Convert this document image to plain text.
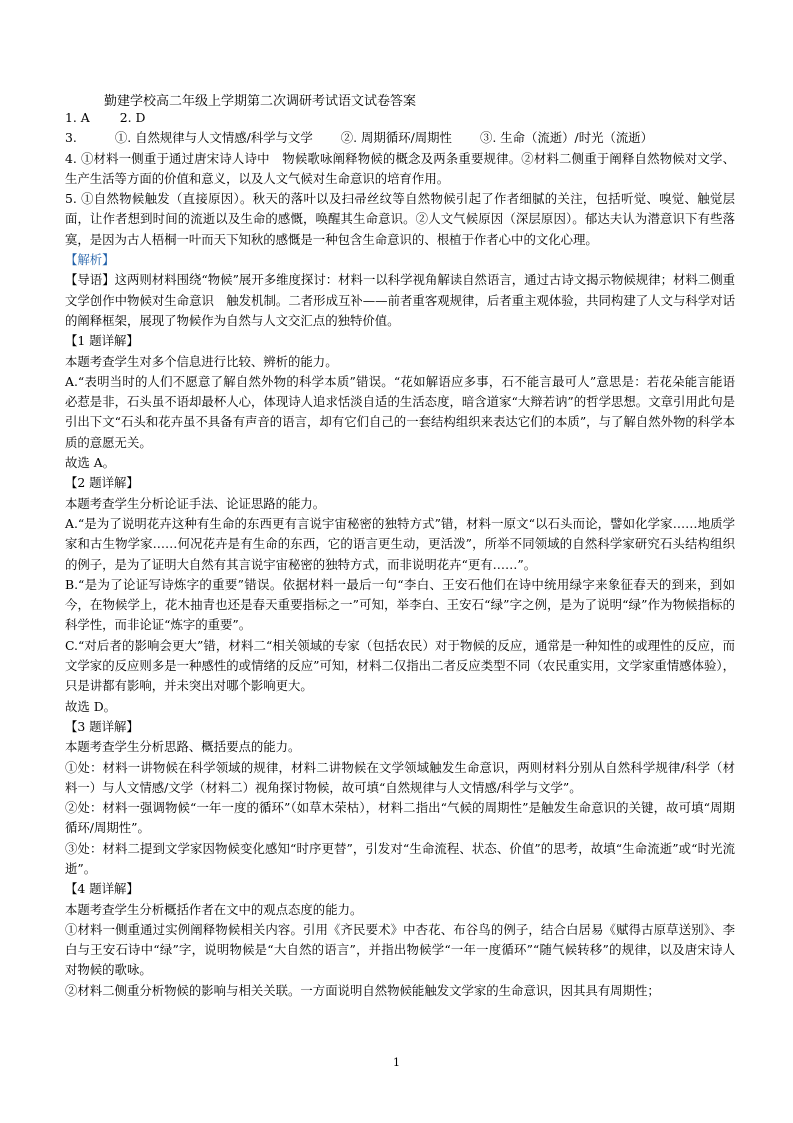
勤建学校高二年级上学期第二次调研考试语文试卷答案

1. A 2. D

3.	①. 自然规律与人文情感/科学与文学 ②. 周期循环/周期性 ③. 生命（流逝）/时光（流逝）

4. ①材料一侧重于通过唐宋诗人诗中　物候歌咏阐释物候的概念及两条重要规律。②材料二侧重于阐释自然物候对文学、生产生活等方面的价值和意义，以及人文气候对生命意识的培育作用。

5. ①自然物候触发（直接原因）。秋天的落叶以及扫帚丝纹等自然物候引起了作者细腻的关注，包括听觉、嗅觉、触觉层面，让作者想到时间的流逝以及生命的感慨，唤醒其生命意识。②人文气候原因（深层原因）。郁达夫认为潜意识下有些落寞，是因为古人梧桐一叶而天下知秋的感慨是一种包含生命意识的、根植于作者心中的文化心理。

【解析】

【导语】这两则材料围绕“物候”展开多维度探讨：材料一以科学视角解读自然语言，通过古诗文揭示物候规律；材料二侧重文学创作中物候对生命意识　触发机制。二者形成互补——前者重客观规律，后者重主观体验，共同构建了人文与科学对话的阐释框架，展现了物候作为自然与人文交汇点的独特价值。

【1 题详解】

本题考查学生对多个信息进行比较、辨析的能力。

A.“表明当时的人们不愿意了解自然外物的科学本质”错误。“花如解语应多事，石不能言最可人”意思是：若花朵能言能语必惹是非，石头虽不语却最杯人心，体现诗人追求恬淡自适的生活态度，暗含道家“大辩若讷”的哲学思想。文章引用此句是引出下文“石头和花卉虽不具备有声音的语言，却有它们自己的一套结构组织来表达它们的本质”，与了解自然外物的科学本质的意愿无关。

故选 A。

【2 题详解】

本题考查学生分析论证手法、论证思路的能力。

A.“是为了说明花卉这种有生命的东西更有言说宇宙秘密的独特方式”错，材料一原文“以石头而论，譬如化学家……地质学家和古生物学家……何况花卉是有生命的东西，它的语言更生动，更活泼”，所举不同领域的自然科学家研究石头结构组织的例子，是为了证明大自然有其言说宇宙秘密的独特方式，而非说明花卉“更有……”。

B.“是为了论证写诗炼字的重要”错误。依据材料一最后一句“李白、王安石他们在诗中统用绿字来象征春天的到来，到如今，在物候学上，花木抽青也还是春天重要指标之一”可知，举李白、王安石“绿”字之例，是为了说明“绿”作为物候指标的科学性，而非论证“炼字的重要”。

C.“对后者的影响会更大”错，材料二“相关领域的专家（包括农民）对于物候的反应，通常是一种知性的或理性的反应，而文学家的反应则多是一种感性的或情绪的反应”可知，材料二仅指出二者反应类型不同（农民重实用，文学家重情感体验），只是讲都有影响，并未突出对哪个影响更大。

故选 D。

【3 题详解】

本题考查学生分析思路、概括要点的能力。

①处：材料一讲物候在科学领域的规律，材料二讲物候在文学领域触发生命意识，两则材料分别从自然科学规律/科学（材料一）与人文情感/文学（材料二）视角探讨物候，故可填“自然规律与人文情感/科学与文学”。

②处：材料一强调物候“一年一度的循环”（如草木荣枯），材料二指出“气候的周期性”是触发生命意识的关键，故可填“周期循环/周期性”。

③处：材料二提到文学家因物候变化感知“时序更替”，引发对“生命流程、状态、价值”的思考，故填“生命流逝”或“时光流逝”。

【4 题详解】

本题考查学生分析概括作者在文中的观点态度的能力。

①材料一侧重通过实例阐释物候相关内容。引用《齐民要术》中杏花、布谷鸟的例子，结合白居易《赋得古原草送别》、李白与王安石诗中“绿”字，说明物候是“大自然的语言”，并指出物候学“一年一度循环”“随气候转移”的规律，以及唐宋诗人对物候的歌咏。

②材料二侧重分析物候的影响与相关关联。一方面说明自然物候能触发文学家的生命意识，因其具有周期性；

1
